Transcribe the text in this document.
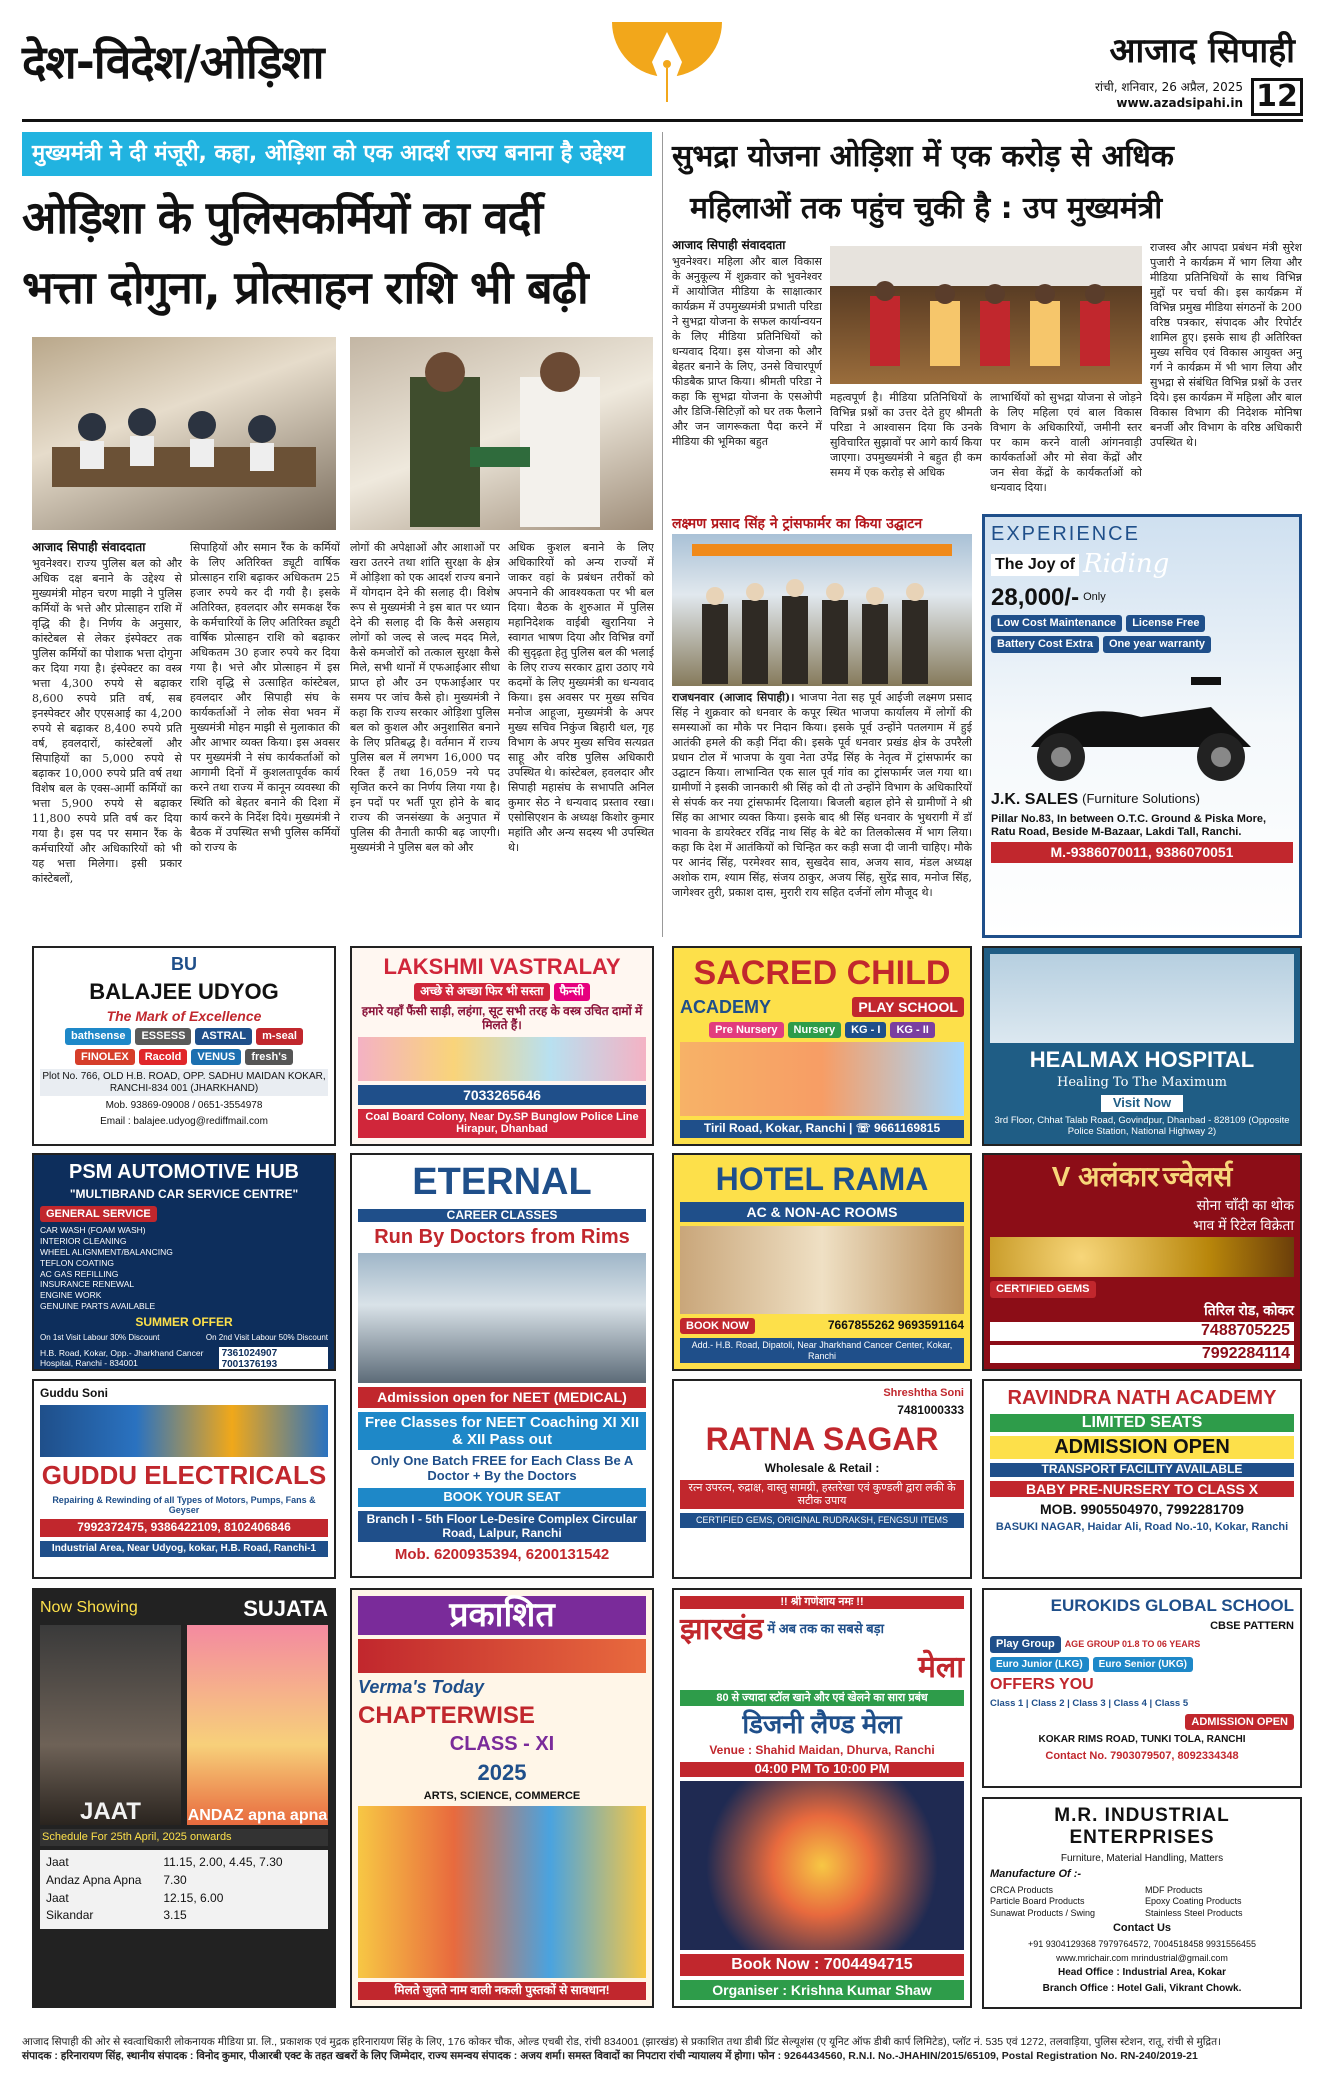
देश-विदेश/ओड़िशा	आजाद सिपाही
रांची, शनिवार, 26 अप्रैल, 2025
www.azadsipahi.in 12
मुख्यमंत्री ने दी मंजूरी, कहा, ओड़िशा को एक आदर्श राज्य बनाना है उद्देश्य
ओड़िशा के पुलिसकर्मियों का वर्दी
भत्ता दोगुना, प्रोत्साहन राशि भी बढ़ी
आजाद सिपाही संवाददाता
भुवनेश्वर। राज्य पुलिस बल को और अधिक दक्ष बनाने के उद्देश्य से मुख्यमंत्री मोहन चरण माझी ने पुलिस कर्मियों के भत्ते और प्रोत्साहन राशि में वृद्धि की है। निर्णय के अनुसार, कांस्टेबल से लेकर इंस्पेक्टर तक पुलिस कर्मियों का पोशाक भत्ता दोगुना कर दिया गया है। इंस्पेक्टर का वस्त्र भत्ता 4,300 रुपये से बढ़ाकर 8,600 रुपये प्रति वर्ष, सब इनस्पेक्टर और एएसआई का 4,200 रुपये से बढ़ाकर 8,400 रुपये प्रति वर्ष, हवलदारों, कांस्टेबलों और सिपाहियों का 5,000 रुपये से बढ़ाकर 10,000 रुपये प्रति वर्ष तथा विशेष बल के एक्स-आर्मी कर्मियों का भत्ता 5,900 रुपये से बढ़ाकर 11,800 रुपये प्रति वर्ष कर दिया गया है। इस पद पर समान रैंक के कर्मचारियों और अधिकारियों को भी यह भत्ता मिलेगा। इसी प्रकार कांस्टेबलों,
सिपाहियों और समान रैंक के कर्मियों के लिए अतिरिक्त ड्यूटी वार्षिक प्रोत्साहन राशि बढ़ाकर अधिकतम 25 हजार रुपये कर दी गयी है। इसके अतिरिक्त, हवलदार और समकक्ष रैंक के कर्मचारियों के लिए अतिरिक्त ड्यूटी वार्षिक प्रोत्साहन राशि को बढ़ाकर अधिकतम 30 हजार रुपये कर दिया गया है। भत्ते और प्रोत्साहन में इस राशि वृद्धि से उत्साहित कांस्टेबल, हवलदार और सिपाही संघ के कार्यकर्ताओं ने लोक सेवा भवन में मुख्यमंत्री मोहन माझी से मुलाकात की और आभार व्यक्त किया। इस अवसर पर मुख्यमंत्री ने संघ कार्यकर्ताओं को आगामी दिनों में कुशलतापूर्वक कार्य करने तथा राज्य में कानून व्यवस्था की स्थिति को बेहतर बनाने की दिशा में कार्य करने के निर्देश दिये। मुख्यमंत्री ने बैठक में उपस्थित सभी पुलिस कर्मियों को राज्य के
लोगों की अपेक्षाओं और आशाओं पर खरा उतरने तथा शांति सुरक्षा के क्षेत्र में ओड़िशा को एक आदर्श राज्य बनाने में योगदान देने की सलाह दी। विशेष रूप से मुख्यमंत्री ने इस बात पर ध्यान देने की सलाह दी कि कैसे असहाय लोगों को जल्द से जल्द मदद मिले, कैसे कमजोरों को तत्काल सुरक्षा कैसे मिले, सभी थानों में एफआईआर सीधा प्राप्त हो और उन एफआईआर पर समय पर जांच कैसे हो। मुख्यमंत्री ने कहा कि राज्य सरकार ओड़िशा पुलिस बल को कुशल और अनुशासित बनाने के लिए प्रतिबद्ध है। वर्तमान में राज्य पुलिस बल में लगभग 16,000 पद रिक्त हैं तथा 16,059 नये पद सृजित करने का निर्णय लिया गया है। इन पदों पर भर्ती पूरा होने के बाद राज्य की जनसंख्या के अनुपात में पुलिस की तैनाती काफी बढ़ जाएगी। मुख्यमंत्री ने पुलिस बल को और
अधिक कुशल बनाने के लिए अधिकारियों को अन्य राज्यों में जाकर वहां के प्रबंधन तरीकों को अपनाने की आवश्यकता पर भी बल दिया। बैठक के शुरुआत में पुलिस महानिदेशक वाईबी खुरानिया ने स्वागत भाषण दिया और विभिन्न वर्गों की सुदृढ़ता हेतु पुलिस बल की भलाई के लिए राज्य सरकार द्वारा उठाए गये कदमों के लिए मुख्यमंत्री का धन्यवाद किया। इस अवसर पर मुख्य सचिव मनोज आहूजा, मुख्यमंत्री के अपर मुख्य सचिव निकुंज बिहारी धल, गृह विभाग के अपर मुख्य सचिव सत्यव्रत साहू और वरिष्ठ पुलिस अधिकारी उपस्थित थे। कांस्टेबल, हवलदार और सिपाही महासंघ के सभापति अनिल कुमार सेठ ने धन्यवाद प्रस्ताव रखा। एसोसिएशन के अध्यक्ष किशोर कुमार महांति और अन्य सदस्य भी उपस्थित थे।
सुभद्रा योजना ओड़िशा में एक करोड़ से अधिक
महिलाओं तक पहुंच चुकी है : उप मुख्यमंत्री
आजाद सिपाही संवाददाता
भुवनेश्वर। महिला और बाल विकास के अनुकूल्य में शुक्रवार को भुवनेश्वर में आयोजित मीडिया के साक्षात्कार कार्यक्रम में उपमुख्यमंत्री प्रभाती परिडा ने सुभद्रा योजना के सफल कार्यान्वयन के लिए मीडिया प्रतिनिधियों को धन्यवाद दिया। इस योजना को और बेहतर बनाने के लिए, उनसे विचारपूर्ण फीडबैक प्राप्त किया। श्रीमती परिडा ने कहा कि सुभद्रा योजना के एसओपी और डिजि-सिटिज़ों को घर तक फैलाने और जन जागरूकता पैदा करने में मीडिया की भूमिका बहुत
महत्वपूर्ण है। मीडिया प्रतिनिधियों के विभिन्न प्रश्नों का उत्तर देते हुए श्रीमती परिडा ने आश्वासन दिया कि उनके सुविचारित सुझावों पर आगे कार्य किया जाएगा। उपमुख्यमंत्री ने बहुत ही कम समय में एक करोड़ से अधिक
लाभार्थियों को सुभद्रा योजना से जोड़ने के लिए महिला एवं बाल विकास विभाग के अधिकारियों, जमीनी स्तर पर काम करने वाली आंगनवाड़ी कार्यकर्ताओं और मो सेवा केंद्रों और जन सेवा केंद्रों के कार्यकर्ताओं को धन्यवाद दिया।
राजस्व और आपदा प्रबंधन मंत्री सुरेश पुजारी ने कार्यक्रम में भाग लिया और मीडिया प्रतिनिधियों के साथ विभिन्न मुद्दों पर चर्चा की। इस कार्यक्रम में विभिन्न प्रमुख मीडिया संगठनों के 200 वरिष्ठ पत्रकार, संपादक और रिपोर्टर शामिल हुए। इसके साथ ही अतिरिक्त मुख्य सचिव एवं विकास आयुक्त अनु गर्ग ने कार्यक्रम में भी भाग लिया और सुभद्रा से संबंधित विभिन्न प्रश्नों के उत्तर दिये। इस कार्यक्रम में महिला और बाल विकास विभाग की निदेशक मोनिषा बनर्जी और विभाग के वरिष्ठ अधिकारी उपस्थित थे।
लक्ष्मण प्रसाद सिंह ने ट्रांसफार्मर का किया उद्घाटन
राजधनवार (आजाद सिपाही)। भाजपा नेता सह पूर्व आईजी लक्ष्मण प्रसाद सिंह ने शुक्रवार को धनवार के कपूर स्थित भाजपा कार्यालय में लोगों की समस्याओं का मौके पर निदान किया। इसके पूर्व उन्होंने पतलगाम में हुई आतंकी हमले की कड़ी निंदा की। इसके पूर्व धनवार प्रखंड क्षेत्र के उपरैली प्रधान टोल में भाजपा के युवा नेता उपेंद्र सिंह के नेतृत्व में ट्रांसफार्मर का उद्घाटन किया। लाभान्वित एक साल पूर्व गांव का ट्रांसफार्मर जल गया था। ग्रामीणों ने इसकी जानकारी श्री सिंह को दी तो उन्होंने विभाग के अधिकारियों से संपर्क कर नया ट्रांसफार्मर दिलाया। बिजली बहाल होने से ग्रामीणों ने श्री सिंह का आभार व्यक्त किया। इसके बाद श्री सिंह धनवार के भुथरागी में डॉ भावना के डायरेक्टर रविंद्र नाथ सिंह के बेटे का तिलकोत्सव में भाग लिया। कहा कि देश में आतंकियों को चिन्हित कर कड़ी सजा दी जानी चाहिए। मौके पर आनंद सिंह, परमेश्वर साव, सुखदेव साव, अजय साव, मंडल अध्यक्ष अशोक राम, श्याम सिंह, संजय ठाकुर, अजय सिंह, सुरेंद्र साव, मनोज सिंह, जागेश्वर तुरी, प्रकाश दास, मुरारी राय सहित दर्जनों लोग मौजूद थे।
EXPERIENCE
The Joy of Riding
28,000/- Only
Low Cost Maintenance	License Free
Battery Cost Extra	One year warranty
J.K. SALES (Furniture Solutions)
Pillar No.83, In between O.T.C. Ground & Piska More, Ratu Road, Beside M-Bazaar, Lakdi Tall, Ranchi.
M.-9386070011, 9386070051
BU
BALAJEE UDYOG
The Mark of Excellence
bathsense	ESSESS	ASTRAL	m-seal
FINOLEX	Racold	VENUS	fresh's
Plot No. 766, OLD H.B. ROAD, OPP. SADHU MAIDAN KOKAR, RANCHI-834 001 (JHARKHAND)
Mob. 93869-09008 / 0651-3554978
Email : balajee.udyog@rediffmail.com
LAKSHMI VASTRALAY
अच्छे से अच्छा फिर भी सस्ता	फैन्सी
हमारे यहाँ फैंसी साड़ी, लहंगा, सूट सभी तरह के वस्त्र उचित दामों में मिलते हैं।
7033265646
Coal Board Colony, Near Dy.SP Bunglow Police Line Hirapur, Dhanbad
SACRED CHILD
ACADEMY	PLAY SCHOOL
Pre Nursery	Nursery	KG - I	KG - II
Tiril Road, Kokar, Ranchi | ☏ 9661169815
HEALMAX HOSPITAL
Healing To The Maximum
Visit Now
3rd Floor, Chhat Talab Road, Govindpur, Dhanbad - 828109 (Opposite Police Station, National Highway 2)
PSM AUTOMOTIVE HUB
"MULTIBRAND CAR SERVICE CENTRE"
GENERAL SERVICE
CAR WASH (FOAM WASH)
INTERIOR CLEANING
WHEEL ALIGNMENT/BALANCING
TEFLON COATING
AC GAS REFILLING
INSURANCE RENEWAL
ENGINE WORK
GENUINE PARTS AVAILABLE
SUMMER OFFER
On 1st Visit Labour 30% Discount	On 2nd Visit Labour 50% Discount
H.B. Road, Kokar, Opp.- Jharkhand Cancer Hospital, Ranchi - 834001
7361024907 7001376193
ETERNAL
CAREER CLASSES
Run By Doctors from Rims
Admission open for NEET (MEDICAL)
Free Classes for NEET Coaching XI XII & XII Pass out
Only One Batch FREE for Each Class Be A Doctor + By the Doctors
BOOK YOUR SEAT
Branch I - 5th Floor Le-Desire Complex Circular Road, Lalpur, Ranchi
Mob. 6200935394, 6200131542
HOTEL RAMA
AC & NON-AC ROOMS
BOOK NOW	7667855262 9693591164
Add.- H.B. Road, Dipatoli, Near Jharkhand Cancer Center, Kokar, Ranchi
V अलंकार ज्वेलर्स
सोना चाँदी का थोक
भाव में रिटेल विक्रेता
CERTIFIED GEMS
तिरिल रोड, कोकर
7488705225
7992284114
Guddu Soni
GUDDU ELECTRICALS
Repairing & Rewinding of all Types of Motors, Pumps, Fans & Geyser
7992372475, 9386422109, 8102406846
Industrial Area, Near Udyog, kokar, H.B. Road, Ranchi-1
Shreshtha Soni
7481000333
RATNA SAGAR
Wholesale & Retail :
रत्न उपरत्न, रुद्राक्ष, वास्तु सामग्री, हस्तरेखा एवं कुण्डली द्वारा लकी के सटीक उपाय
CERTIFIED GEMS, ORIGINAL RUDRAKSH, FENGSUI ITEMS
RAVINDRA NATH ACADEMY
LIMITED SEATS
ADMISSION OPEN
TRANSPORT FACILITY AVAILABLE
BABY PRE-NURSERY TO CLASS X
MOB. 9905504970, 7992281709
BASUKI NAGAR, Haidar Ali, Road No.-10, Kokar, Ranchi
Now Showing	SUJATA
JAAT	ANDAZ apna apna
Schedule For 25th April, 2025 onwards
Jaat	11.15, 2.00, 4.45, 7.30
Andaz Apna Apna	7.30
Jaat	12.15, 6.00
Sikandar	3.15
प्रकाशित
Verma's Today
CHAPTERWISE
CLASS - XI
2025
ARTS, SCIENCE, COMMERCE
मिलते जुलते नाम वाली नकली पुस्तकों से सावधान!
!! श्री गणेशाय नमः !!
झारखंड में अब तक का सबसे बड़ा
मेला
80 से ज्यादा स्टॉल खाने और एवं खेलने का सारा प्रबंध
डिजनी लैण्ड मेला
Venue : Shahid Maidan, Dhurva, Ranchi
04:00 PM To 10:00 PM
Book Now : 7004494715
Organiser : Krishna Kumar Shaw
EUROKIDS GLOBAL SCHOOL
CBSE PATTERN
Play Group	AGE GROUP 01.8 TO 06 YEARS
Euro Junior (LKG)	Euro Senior (UKG)
OFFERS YOU
Class 1 | Class 2 | Class 3 | Class 4 | Class 5
ADMISSION OPEN
KOKAR RIMS ROAD, TUNKI TOLA, RANCHI
Contact No. 7903079507, 8092334348
M.R. INDUSTRIAL ENTERPRISES
Furniture, Material Handling, Matters
Manufacture Of :-
CRCA Products	MDF Products
Particle Board Products	Epoxy Coating Products
Sunawat Products / Swing	Stainless Steel Products
Contact Us
+91 9304129368 7979764572, 7004518458 9931556455
www.mrichair.com mrindustrial@gmail.com
Head Office : Industrial Area, Kokar
Branch Office : Hotel Gali, Vikrant Chowk.
आजाद सिपाही की ओर से स्वत्वाधिकारी लोकनायक मीडिया प्रा. लि., प्रकाशक एवं मुद्रक हरिनारायण सिंह के लिए, 176 कोकर चौक, ओल्ड एचबी रोड, रांची 834001 (झारखंड) से प्रकाशित तथा डीबी प्रिंट सेल्यूशंस (ए यूनिट ऑफ डीबी कार्प लिमिटेड), प्लॉट नं. 535 एवं 1272, तलवाड़िया, पुलिस स्टेशन, रातू, रांची से मुद्रित।
संपादक : हरिनारायण सिंह, स्थानीय संपादक : विनोद कुमार, पीआरबी एक्ट के तहत खबरों के लिए जिम्मेदार, राज्य समन्वय संपादक : अजय शर्मा। समस्त विवादों का निपटारा रांची न्यायालय में होगा। फोन : 9264434560, R.N.I. No.-JHAHIN/2015/65109, Postal Registration No. RN-240/2019-21
